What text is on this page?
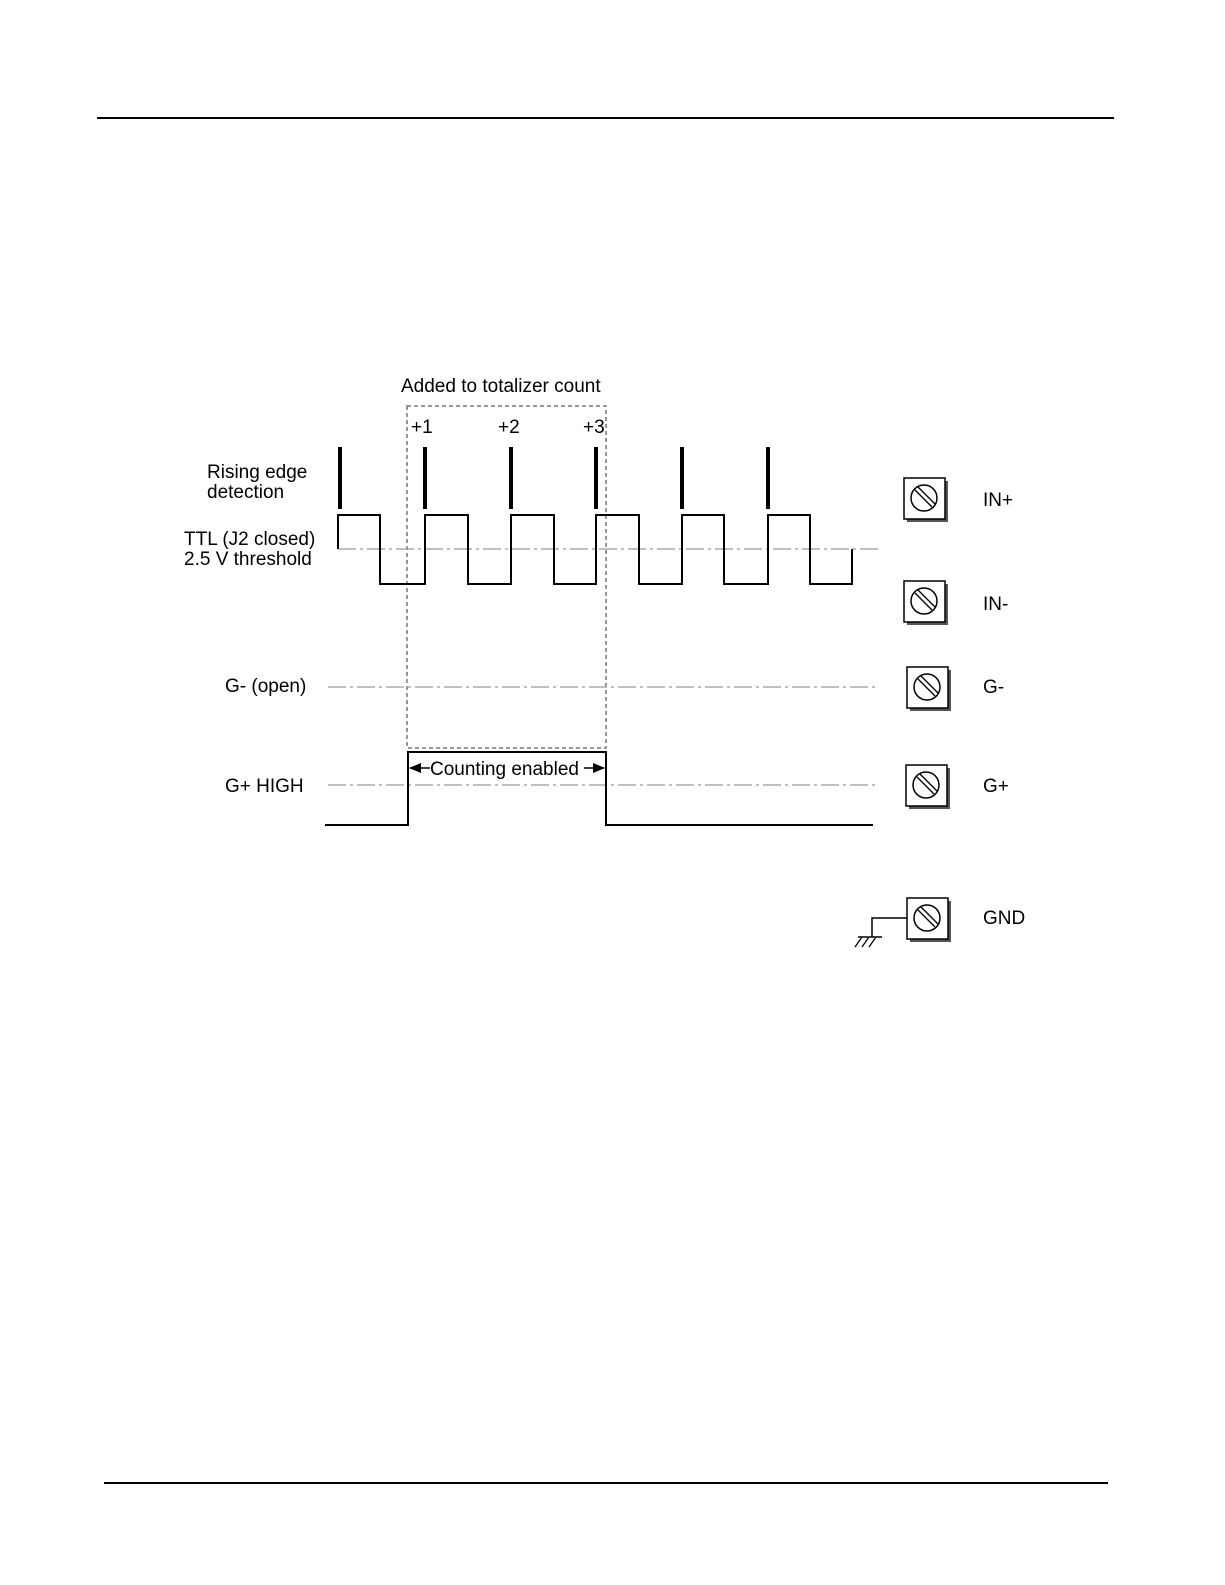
Added to totalizer count
+1	+2	+3
Rising edge
detection
TTL (J2 closed)
2.5 V threshold
G- (open)
G+ HIGH
Counting enabled
IN+
IN-
G-
G+
GND
